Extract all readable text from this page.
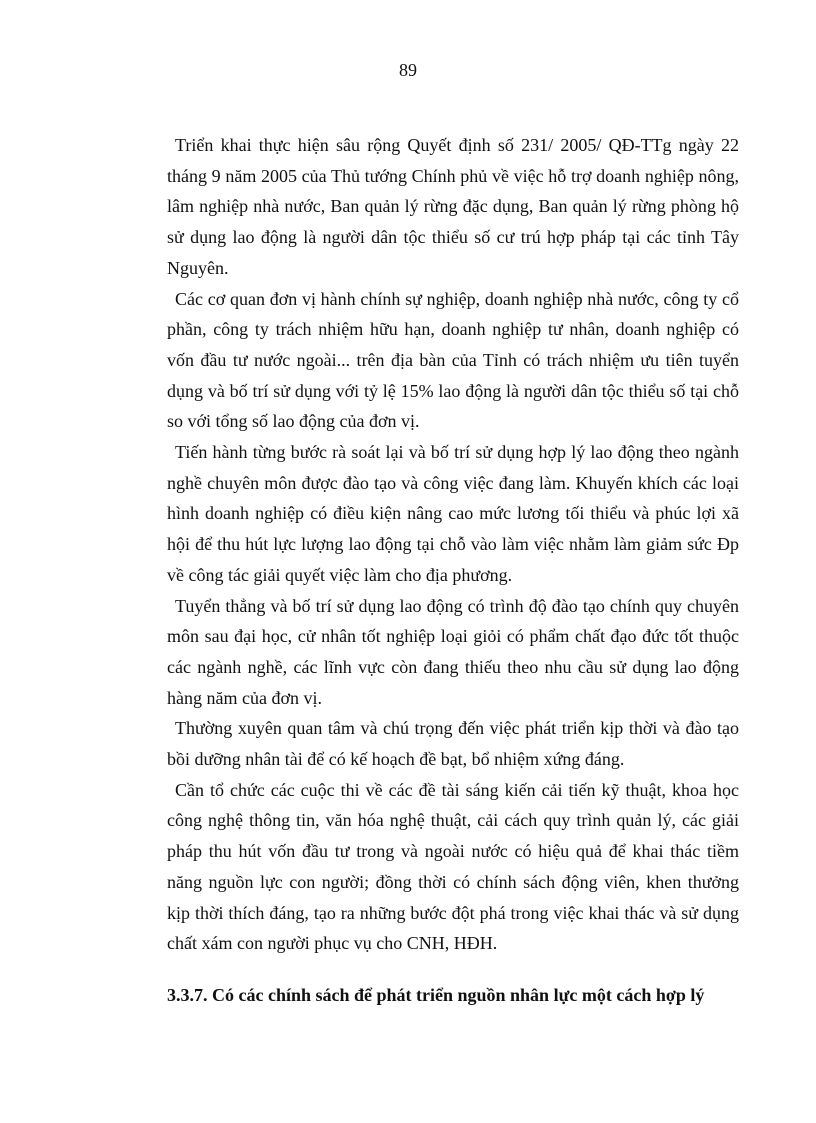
89

Triển khai thực hiện sâu rộng Quyết định số 231/ 2005/ QĐ-TTg ngày 22 tháng 9 năm 2005 của Thủ tướng Chính phủ về việc hỗ trợ doanh nghiệp nông, lâm nghiệp nhà nước, Ban quản lý rừng đặc dụng, Ban quản lý rừng phòng hộ sử dụng lao động là người dân tộc thiểu số cư trú hợp pháp tại các tỉnh Tây Nguyên.

Các cơ quan đơn vị hành chính sự nghiệp, doanh nghiệp nhà nước, công ty cổ phần, công ty trách nhiệm hữu hạn, doanh nghiệp tư nhân, doanh nghiệp có vốn đầu tư nước ngoài... trên địa bàn của Tỉnh có trách nhiệm ưu tiên tuyển dụng và bố trí sử dụng với tỷ lệ 15% lao động là người dân tộc thiểu số tại chỗ so với tổng số lao động của đơn vị.

Tiến hành từng bước rà soát lại và bố trí sử dụng hợp lý lao động theo ngành nghề chuyên môn được đào tạo và công việc đang làm. Khuyến khích các loại hình doanh nghiệp có điều kiện nâng cao mức lương tối thiểu và phúc lợi xã hội để thu hút lực lượng lao động tại chỗ vào làm việc nhằm làm giảm sức Đp về công tác giải quyết việc làm cho địa phương.

Tuyển thẳng và bố trí sử dụng lao động có trình độ đào tạo chính quy chuyên môn sau đại học, cử nhân tốt nghiệp loại giỏi có phẩm chất đạo đức tốt thuộc các ngành nghề, các lĩnh vực còn đang thiếu theo nhu cầu sử dụng lao động hàng năm của đơn vị.

Thường xuyên quan tâm và chú trọng đến việc phát triển kịp thời và đào tạo bồi dưỡng nhân tài để có kế hoạch đề bạt, bổ nhiệm xứng đáng.

Cần tổ chức các cuộc thi về các đề tài sáng kiến cải tiến kỹ thuật, khoa học công nghệ thông tin, văn hóa nghệ thuật, cải cách quy trình quản lý, các giải pháp thu hút vốn đầu tư trong và ngoài nước có hiệu quả để khai thác tiềm năng nguồn lực con người; đồng thời có chính sách động viên, khen thưởng kịp thời thích đáng, tạo ra những bước đột phá trong việc khai thác và sử dụng chất xám con người phục vụ cho CNH, HĐH.

3.3.7. Có các chính sách để phát triển nguồn nhân lực một cách hợp lý
